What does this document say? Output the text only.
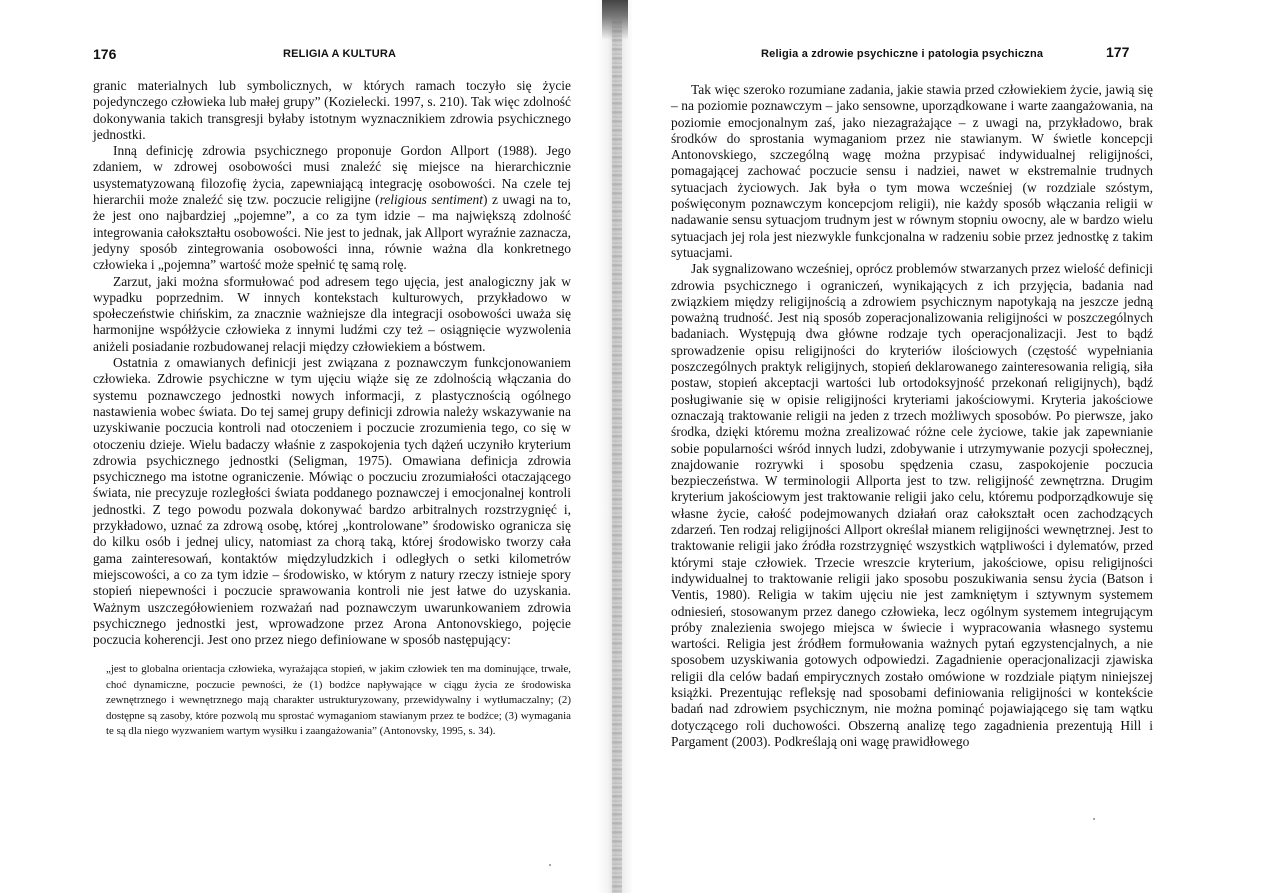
176	RELIGIA A KULTURA

granic materialnych lub symbolicznych, w których ramach toczyło się życie pojedynczego człowieka lub małej grupy” (Kozielecki. 1997, s. 210). Tak więc zdolność dokonywania takich transgresji byłaby istotnym wyznacznikiem zdrowia psychicznego jednostki.

Inną definicję zdrowia psychicznego proponuje Gordon Allport (1988). Jego zdaniem, w zdrowej osobowości musi znaleźć się miejsce na hierarchicznie usystematyzowaną filozofię życia, zapewniającą integrację osobowości. Na czele tej hierarchii może znaleźć się tzw. poczucie religijne (religious sentiment) z uwagi na to, że jest ono najbardziej „pojemne”, a co za tym idzie – ma największą zdolność integrowania całokształtu osobowości. Nie jest to jednak, jak Allport wyraźnie zaznacza, jedyny sposób zintegrowania osobowości inna, równie ważna dla konkretnego człowieka i „pojemna” wartość może spełnić tę samą rolę.

Zarzut, jaki można sformułować pod adresem tego ujęcia, jest analogiczny jak w wypadku poprzednim. W innych kontekstach kulturowych, przykładowo w społeczeństwie chińskim, za znacznie ważniejsze dla integracji osobowości uważa się harmonijne współżycie człowieka z innymi ludźmi czy też – osiągnięcie wyzwolenia aniżeli posiadanie rozbudowanej relacji między człowiekiem a bóstwem.

Ostatnia z omawianych definicji jest związana z poznawczym funkcjonowaniem człowieka. Zdrowie psychiczne w tym ujęciu wiąże się ze zdolnością włączania do systemu poznawczego jednostki nowych informacji, z plastycznością ogólnego nastawienia wobec świata. Do tej samej grupy definicji zdrowia należy wskazywanie na uzyskiwanie poczucia kontroli nad otoczeniem i poczucie zrozumienia tego, co się w otoczeniu dzieje. Wielu badaczy właśnie z zaspokojenia tych dążeń uczyniło kryterium zdrowia psychicznego jednostki (Seligman, 1975). Omawiana definicja zdrowia psychicznego ma istotne ograniczenie. Mówiąc o poczuciu zrozumiałości otaczającego świata, nie precyzuje rozległości świata poddanego poznawczej i emocjonalnej kontroli jednostki. Z tego powodu pozwala dokonywać bardzo arbitralnych rozstrzygnięć i, przykładowo, uznać za zdrową osobę, której „kontrolowane” środowisko ogranicza się do kilku osób i jednej ulicy, natomiast za chorą taką, której środowisko tworzy cała gama zainteresowań, kontaktów międzyludzkich i odległych o setki kilometrów miejscowości, a co za tym idzie – środowisko, w którym z natury rzeczy istnieje spory stopień niepewności i poczucie sprawowania kontroli nie jest łatwe do uzyskania. Ważnym uszczegółowieniem rozważań nad poznawczym uwarunkowaniem zdrowia psychicznego jednostki jest, wprowadzone przez Arona Antonovskiego, pojęcie poczucia koherencji. Jest ono przez niego definiowane w sposób następujący:

„jest to globalna orientacja człowieka, wyrażająca stopień, w jakim człowiek ten ma dominujące, trwałe, choć dynamiczne, poczucie pewności, że (1) bodźce napływające w ciągu życia ze środowiska zewnętrznego i wewnętrznego mają charakter ustrukturyzowany, przewidywalny i wytłumaczalny; (2) dostępne są zasoby, które pozwolą mu sprostać wymaganiom stawianym przez te bodźce; (3) wymagania te są dla niego wyzwaniem wartym wysiłku i zaangażowania” (Antonovsky, 1995, s. 34).
Religia a zdrowie psychiczne i patologia psychiczna	177

Tak więc szeroko rozumiane zadania, jakie stawia przed człowiekiem życie, jawią się – na poziomie poznawczym – jako sensowne, uporządkowane i warte zaangażowania, na poziomie emocjonalnym zaś, jako niezagrażające – z uwagi na, przykładowo, brak środków do sprostania wymaganiom przez nie stawianym. W świetle koncepcji Antonovskiego, szczególną wagę można przypisać indywidualnej religijności, pomagającej zachować poczucie sensu i nadziei, nawet w ekstremalnie trudnych sytuacjach życiowych. Jak była o tym mowa wcześniej (w rozdziale szóstym, poświęconym poznawczym koncepcjom religii), nie każdy sposób włączania religii w nadawanie sensu sytuacjom trudnym jest w równym stopniu owocny, ale w bardzo wielu sytuacjach jej rola jest niezwykle funkcjonalna w radzeniu sobie przez jednostkę z takim sytuacjami.

Jak sygnalizowano wcześniej, oprócz problemów stwarzanych przez wielość definicji zdrowia psychicznego i ograniczeń, wynikających z ich przyjęcia, badania nad związkiem między religijnością a zdrowiem psychicznym napotykają na jeszcze jedną poważną trudność. Jest nią sposób zoperacjonalizowania religijności w poszczególnych badaniach. Występują dwa główne rodzaje tych operacjonalizacji. Jest to bądź sprowadzenie opisu religijności do kryteriów ilościowych (częstość wypełniania poszczególnych praktyk religijnych, stopień deklarowanego zainteresowania religią, siła postaw, stopień akceptacji wartości lub ortodoksyjność przekonań religijnych), bądź posługiwanie się w opisie religijności kryteriami jakościowymi. Kryteria jakościowe oznaczają traktowanie religii na jeden z trzech możliwych sposobów. Po pierwsze, jako środka, dzięki któremu można zrealizować różne cele życiowe, takie jak zapewnianie sobie popularności wśród innych ludzi, zdobywanie i utrzymywanie pozycji społecznej, znajdowanie rozrywki i sposobu spędzenia czasu, zaspokojenie poczucia bezpieczeństwa. W terminologii Allporta jest to tzw. religijność zewnętrzna. Drugim kryterium jakościowym jest traktowanie religii jako celu, któremu podporządkowuje się własne życie, całość podejmowanych działań oraz całokształt ocen zachodzących zdarzeń. Ten rodzaj religijności Allport określał mianem religijności wewnętrznej. Jest to traktowanie religii jako źródła rozstrzygnięć wszystkich wątpliwości i dylematów, przed którymi staje człowiek. Trzecie wreszcie kryterium, jakościowe, opisu religijności indywidualnej to traktowanie religii jako sposobu poszukiwania sensu życia (Batson i Ventis, 1980). Religia w takim ujęciu nie jest zamkniętym i sztywnym systemem odniesień, stosowanym przez danego człowieka, lecz ogólnym systemem integrującym próby znalezienia swojego miejsca w świecie i wypracowania własnego systemu wartości. Religia jest źródłem formułowania ważnych pytań egzystencjalnych, a nie sposobem uzyskiwania gotowych odpowiedzi. Zagadnienie operacjonalizacji zjawiska religii dla celów badań empirycznych zostało omówione w rozdziale piątym niniejszej książki. Prezentując refleksję nad sposobami definiowania religijności w kontekście badań nad zdrowiem psychicznym, nie można pominąć pojawiającego się tam wątku dotyczącego roli duchowości. Obszerną analizę tego zagadnienia prezentują Hill i Pargament (2003). Podkreślają oni wagę prawidłowego
